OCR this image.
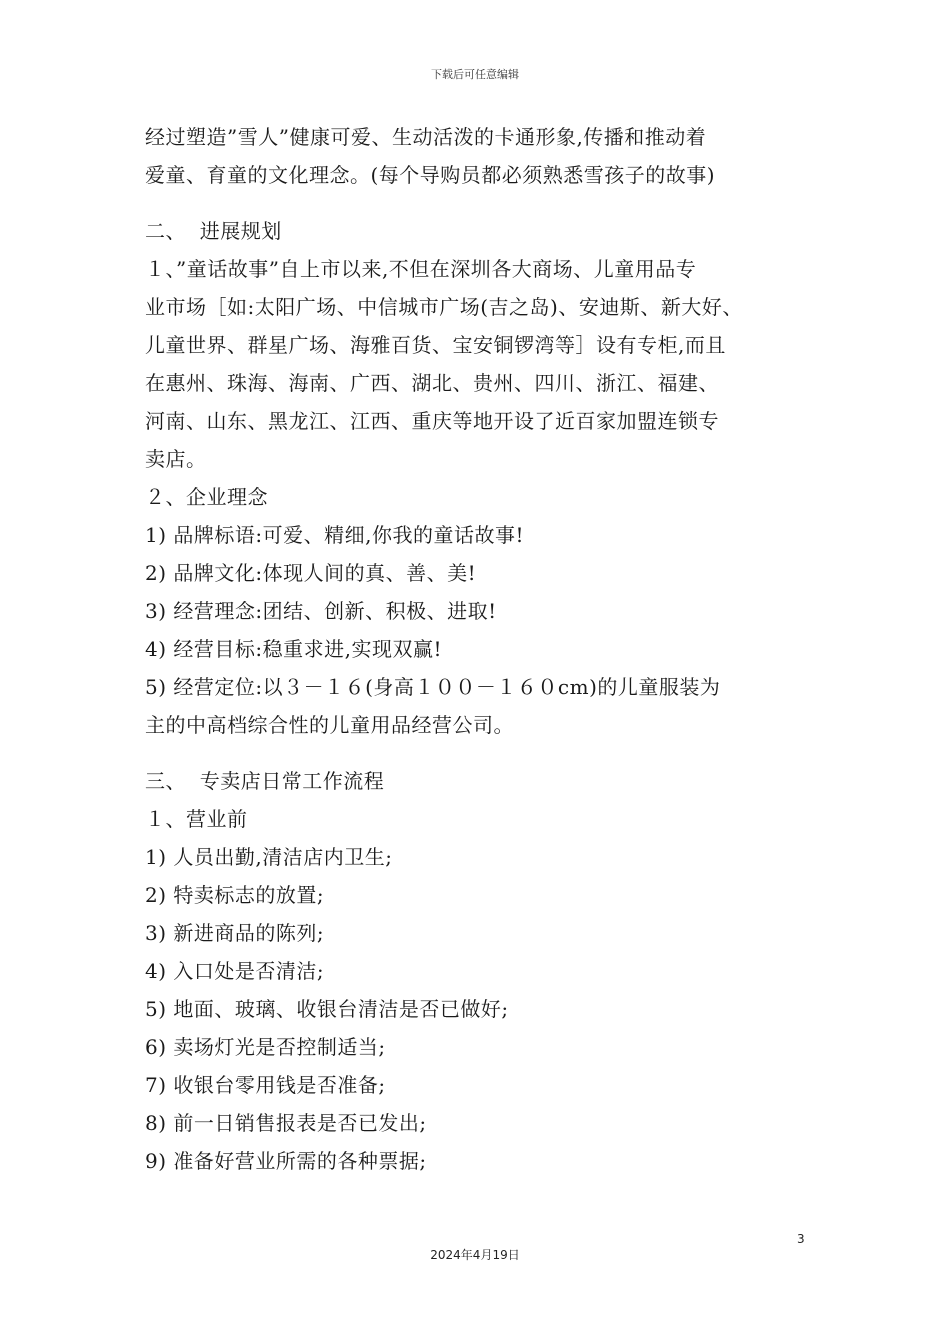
下载后可任意编辑

经过塑造”雪人”健康可爱、生动活泼的卡通形象,传播和推动着

爱童、育童的文化理念。(每个导购员都必须熟悉雪孩子的故事)

二、  进展规划

１、”童话故事”自上市以来,不但在深圳各大商场、儿童用品专

业市场［如:太阳广场、中信城市广场(吉之岛)、安迪斯、新大好、

儿童世界、群星广场、海雅百货、宝安铜锣湾等］设有专柜,而且

在惠州、珠海、海南、广西、湖北、贵州、四川、浙江、福建、

河南、山东、黑龙江、江西、重庆等地开设了近百家加盟连锁专

卖店。

２、企业理念

1) 品牌标语:可爱、精细,你我的童话故事!

2) 品牌文化:体现人间的真、善、美!

3) 经营理念:团结、创新、积极、进取!

4) 经营目标:稳重求进,实现双赢!

5) 经营定位:以３－１６(身高１００－１６０cm)的儿童服装为

主的中高档综合性的儿童用品经营公司。

三、  专卖店日常工作流程

１、营业前

1) 人员出勤,清洁店内卫生;

2) 特卖标志的放置;

3) 新进商品的陈列;

4) 入口处是否清洁;

5) 地面、玻璃、收银台清洁是否已做好;

6) 卖场灯光是否控制适当;

7) 收银台零用钱是否准备;

8) 前一日销售报表是否已发出;

9) 准备好营业所需的各种票据;

3
2024年4月19日
